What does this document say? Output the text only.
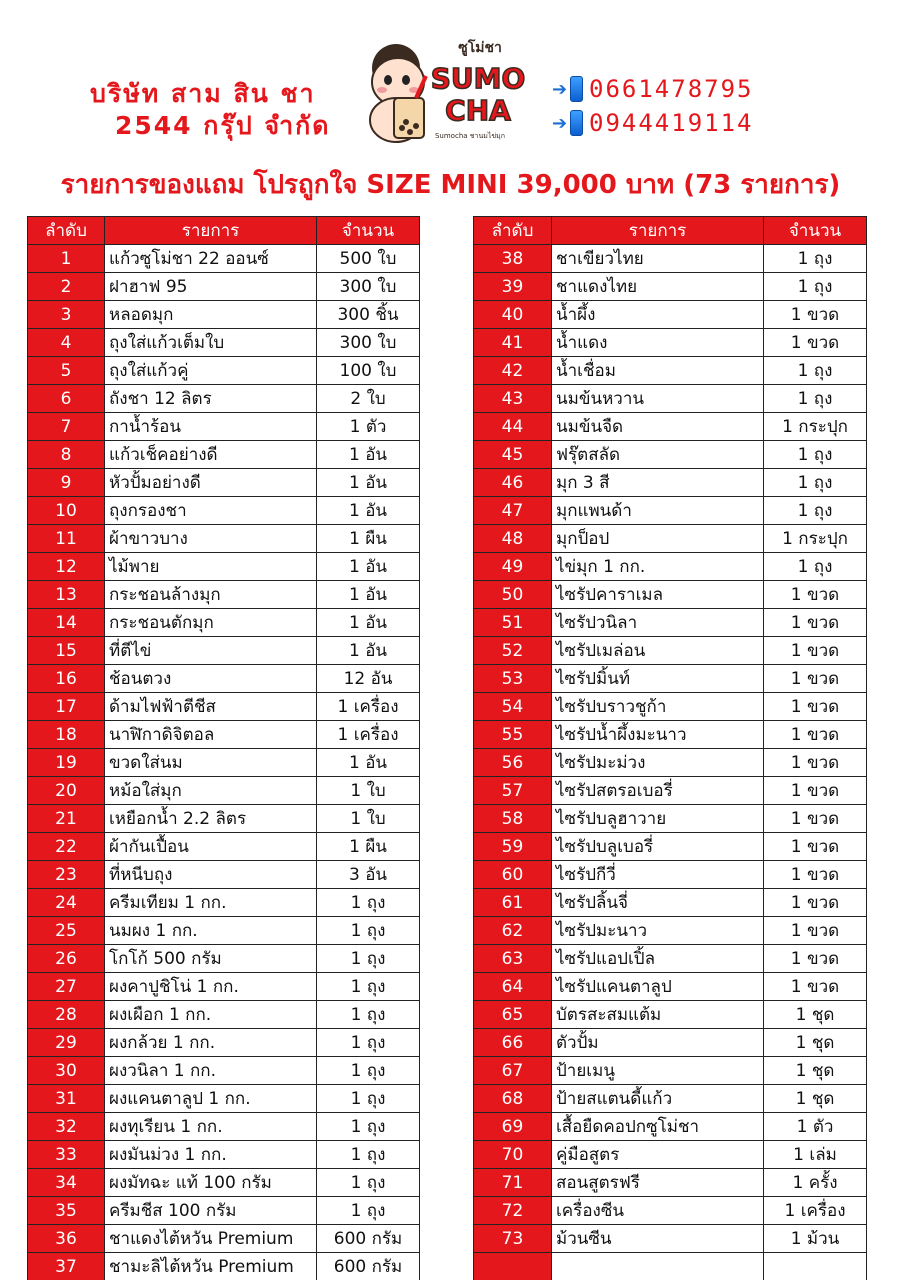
บริษัท สาม สิน ชา
2544 กรุ๊ป จำกัด
SUMO
CHA
ซูโม่ชา
Sumocha ชานมไข่มุก
➔ 0661478795
➔ 0944419114
รายการของแถม โปรถูกใจ SIZE MINI 39,000 บาท (73 รายการ)
ลำดับ	รายการ	จำนวน
1	แก้วซูโม่ชา 22 ออนซ์	500 ใบ
2	ฝาฮาฟ 95	300 ใบ
3	หลอดมุก	300 ชิ้น
4	ถุงใส่แก้วเต็มใบ	300 ใบ
5	ถุงใส่แก้วคู่	100 ใบ
6	ถังชา 12 ลิตร	2 ใบ
7	กาน้ำร้อน	1 ตัว
8	แก้วเช็คอย่างดี	1 อัน
9	หัวปั้มอย่างดี	1 อัน
10	ถุงกรองชา	1 อัน
11	ผ้าขาวบาง	1 ผืน
12	ไม้พาย	1 อัน
13	กระชอนล้างมุก	1 อัน
14	กระชอนตักมุก	1 อัน
15	ที่ตีไข่	1 อัน
16	ช้อนตวง	12 อัน
17	ด้ามไฟฟ้าตีชีส	1 เครื่อง
18	นาฬิกาดิจิตอล	1 เครื่อง
19	ขวดใส่นม	1 อัน
20	หม้อใส่มุก	1 ใบ
21	เหยือกน้ำ 2.2 ลิตร	1 ใบ
22	ผ้ากันเปื้อน	1 ผืน
23	ที่หนีบถุง	3 อัน
24	ครีมเทียม 1 กก.	1 ถุง
25	นมผง 1 กก.	1 ถุง
26	โกโก้ 500 กรัม	1 ถุง
27	ผงคาปูชิโน่ 1 กก.	1 ถุง
28	ผงเผือก 1 กก.	1 ถุง
29	ผงกล้วย 1 กก.	1 ถุง
30	ผงวนิลา 1 กก.	1 ถุง
31	ผงแคนตาลูป 1 กก.	1 ถุง
32	ผงทุเรียน 1 กก.	1 ถุง
33	ผงมันม่วง 1 กก.	1 ถุง
34	ผงมัทฉะ แท้ 100 กรัม	1 ถุง
35	ครีมชีส 100 กรัม	1 ถุง
36	ชาแดงไต้หวัน Premium	600 กรัม
37	ชามะลิไต้หวัน Premium	600 กรัม
ลำดับ	รายการ	จำนวน
38	ชาเขียวไทย	1 ถุง
39	ชาแดงไทย	1 ถุง
40	น้ำผึ้ง	1 ขวด
41	น้ำแดง	1 ขวด
42	น้ำเชื่อม	1 ถุง
43	นมข้นหวาน	1 ถุง
44	นมข้นจืด	1 กระปุก
45	ฟรุ๊ตสลัด	1 ถุง
46	มุก 3 สี	1 ถุง
47	มุกแพนด้า	1 ถุง
48	มุกป็อป	1 กระปุก
49	ไข่มุก 1 กก.	1 ถุง
50	ไซรัปคาราเมล	1 ขวด
51	ไซรัปวนิลา	1 ขวด
52	ไซรัปเมล่อน	1 ขวด
53	ไซรัปมิ้นท์	1 ขวด
54	ไซรัปบราวชูก้า	1 ขวด
55	ไซรัปน้ำผึ้งมะนาว	1 ขวด
56	ไซรัปมะม่วง	1 ขวด
57	ไซรัปสตรอเบอรี่	1 ขวด
58	ไซรัปบลูฮาวาย	1 ขวด
59	ไซรัปบลูเบอรี่	1 ขวด
60	ไซรัปกีวี่	1 ขวด
61	ไซรัปลิ้นจี่	1 ขวด
62	ไซรัปมะนาว	1 ขวด
63	ไซรัปแอปเปิ้ล	1 ขวด
64	ไซรัปแคนตาลูป	1 ขวด
65	บัตรสะสมแต้ม	1 ชุด
66	ตัวปั้ม	1 ชุด
67	ป้ายเมนู	1 ชุด
68	ป้ายสแตนดี้แก้ว	1 ชุด
69	เสื้อยืดคอปกซูโม่ชา	1 ตัว
70	คู่มือสูตร	1 เล่ม
71	สอนสูตรฟรี	1 ครั้ง
72	เครื่องซีน	1 เครื่อง
73	ม้วนซีน	1 ม้วน
